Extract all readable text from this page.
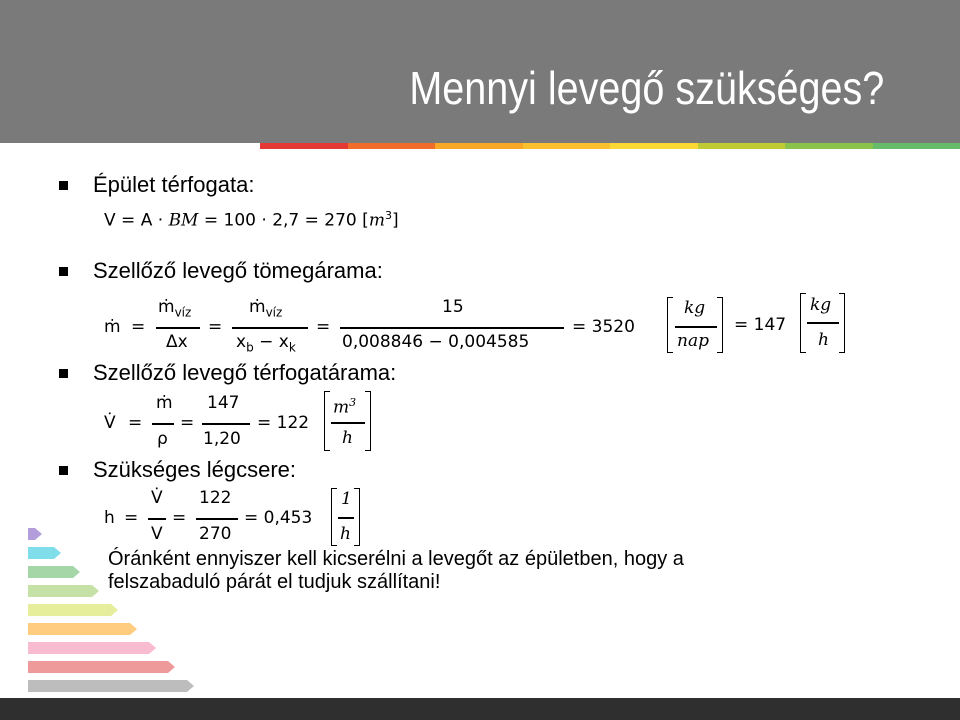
Mennyi levegő szükséges?
Épület térfogata:
V = A · BM = 100 · 2,7 = 270 $[m^3]$
Szellőző levegő tömegárama:
ṁ =
ṁ$_{víz}$
Δx
=
ṁ$_{víz}$
$x_b - x_k$
=
15
0,008846 − 0,004585
= 3520
kg
nap
= 147
kg
h
Szellőző levegő térfogatárama:
V̇ =
ṁ
ρ
=
147
1,20
= 122
$m^3$
h
Szükséges légcsere:
h =
V̇
V
=
122
270
= 0,453
1
h
Óránként ennyiszer kell kicserélni a levegőt az épületben, hogy a
felszabaduló párát el tudjuk szállítani!
